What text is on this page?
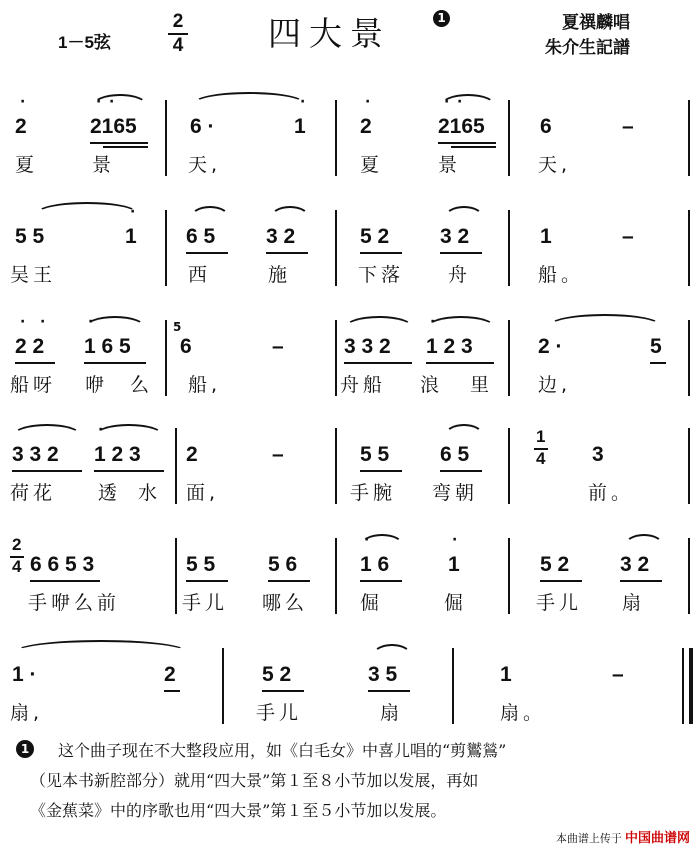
1－5弦
2
4	四大景	1	夏禩麟唱
朱介生記譜
·
2
· ·
2165	6 ·
·
1
·
2
· ·
2165	6	–
夏	景	天,	夏	景	天,
5 5
·
1 6 5 3 2	5 2 3 2	1	–
吴王	西	施	下落 舟	船。
· ·
2 2
·
1 6 5
5
6	–	3 3 2
·
1 2 3	2 ·	5
船呀 咿 么 船,	舟船 浪 里 边,
3 3 2
·
1 2 3 2	–	5 5 6 5
1
4 3
荷花 透 水 面,	手腕 弯朝	前。
2
4 6 6 5 3	5 5	5 6
·
1 6
·
1	5 2 3 2
手咿么前	手儿 哪么	倔	倔	手儿 扇
1 ·	2	5 2	3 5	1	–
扇,	手儿	扇	扇。
1	这个曲子现在不大整段应用，如《白毛女》中喜儿唱的“剪鸑鶑”
（见本书新腔部分）就用“四大景”第１至８小节加以发展，再如
《金蕉菜》中的序歌也用“四大景”第１至５小节加以发展。
本曲谱上传于 中国曲谱网
